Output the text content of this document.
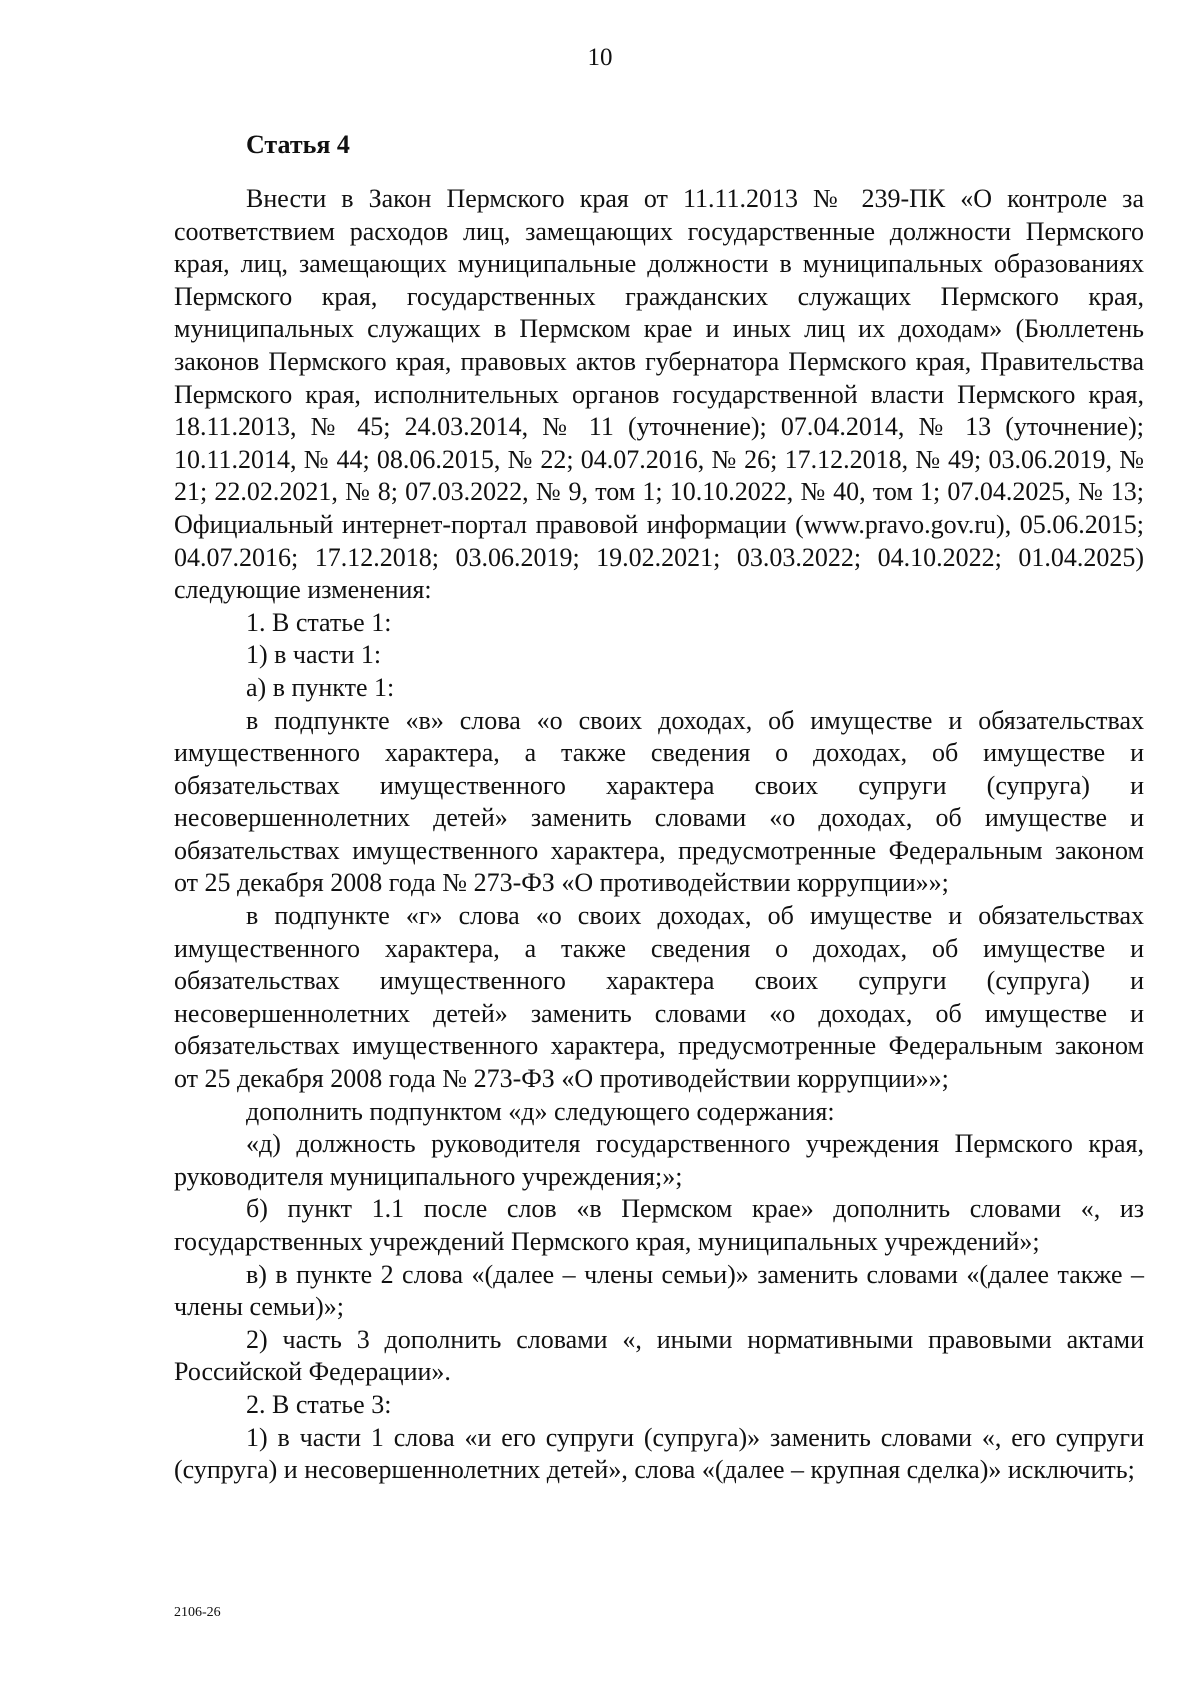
10
Статья 4

Внести в Закон Пермского края от 11.11.2013 № 239-ПК «О контроле за соответствием расходов лиц, замещающих государственные должности Пермского края, лиц, замещающих муниципальные должности в муниципальных образованиях Пермского края, государственных гражданских служащих Пермского края, муниципальных служащих в Пермском крае и иных лиц их доходам» (Бюллетень законов Пермского края, правовых актов губернатора Пермского края, Правительства Пермского края, исполнительных органов государственной власти Пермского края, 18.11.2013, № 45; 24.03.2014, № 11 (уточнение); 07.04.2014, № 13 (уточнение); 10.11.2014, № 44; 08.06.2015, № 22; 04.07.2016, № 26; 17.12.2018, № 49; 03.06.2019, № 21; 22.02.2021, № 8; 07.03.2022, № 9, том 1; 10.10.2022, № 40, том 1; 07.04.2025, № 13; Официальный интернет-портал правовой информации (www.pravo.gov.ru), 05.06.2015; 04.07.2016; 17.12.2018; 03.06.2019; 19.02.2021; 03.03.2022; 04.10.2022; 01.04.2025) следующие изменения:

1. В статье 1:

1) в части 1:

а) в пункте 1:

в подпункте «в» слова «о своих доходах, об имуществе и обязательствах имущественного характера, а также сведения о доходах, об имуществе и обязательствах имущественного характера своих супруги (супруга) и несовершеннолетних детей» заменить словами «о доходах, об имуществе и обязательствах имущественного характера, предусмотренные Федеральным законом от 25 декабря 2008 года № 273-ФЗ «О противодействии коррупции»»;

в подпункте «г» слова «о своих доходах, об имуществе и обязательствах имущественного характера, а также сведения о доходах, об имуществе и обязательствах имущественного характера своих супруги (супруга) и несовершеннолетних детей» заменить словами «о доходах, об имуществе и обязательствах имущественного характера, предусмотренные Федеральным законом от 25 декабря 2008 года № 273-ФЗ «О противодействии коррупции»»;

дополнить подпунктом «д» следующего содержания:

«д) должность руководителя государственного учреждения Пермского края, руководителя муниципального учреждения;»;

б) пункт 1.1 после слов «в Пермском крае» дополнить словами «, из государственных учреждений Пермского края, муниципальных учреждений»;

в) в пункте 2 слова «(далее – члены семьи)» заменить словами «(далее также – члены семьи)»;

2) часть 3 дополнить словами «, иными нормативными правовыми актами Российской Федерации».

2. В статье 3:

1) в части 1 слова «и его супруги (супруга)» заменить словами «, его супруги (супруга) и несовершеннолетних детей», слова «(далее – крупная сделка)» исключить;

2106-26
